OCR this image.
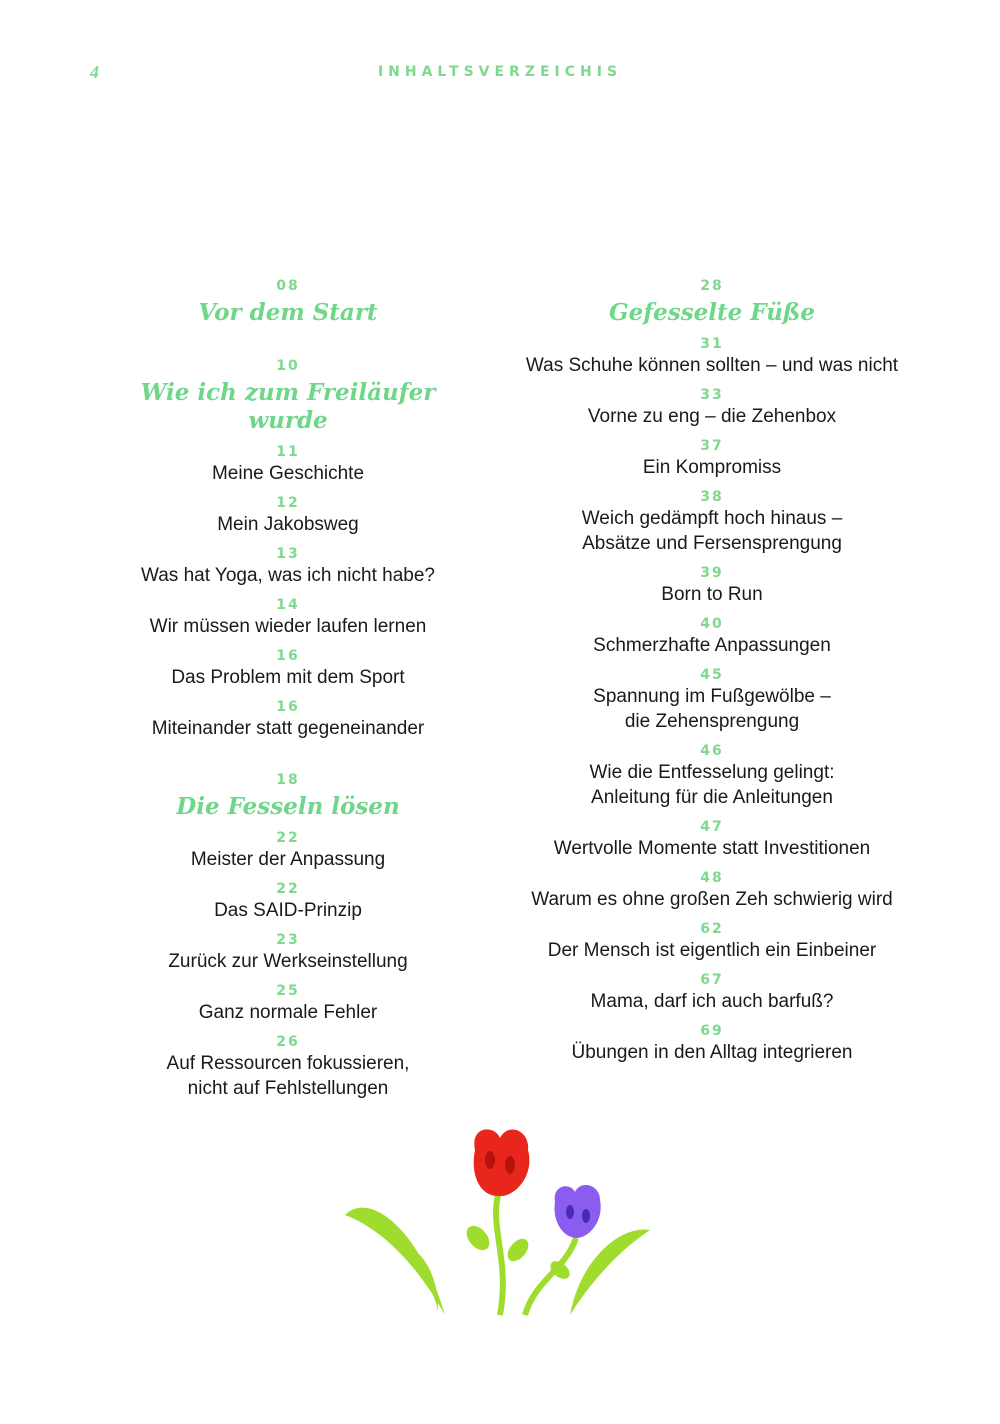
4	INHALTSVERZEICHIS
08
Vor dem Start
10
Wie ich zum Freiläufer wurde
11
Meine Geschichte
12
Mein Jakobsweg
13
Was hat Yoga, was ich nicht habe?
14
Wir müssen wieder laufen lernen
16
Das Problem mit dem Sport
16
Miteinander statt gegeneinander
18
Die Fesseln lösen
22
Meister der Anpassung
22
Das SAID-Prinzip
23
Zurück zur Werkseinstellung
25
Ganz normale Fehler
26
Auf Ressourcen fokussieren,
nicht auf Fehlstellungen
28
Gefesselte Füße
31
Was Schuhe können sollten – und was nicht
33
Vorne zu eng – die Zehenbox
37
Ein Kompromiss
38
Weich gedämpft hoch hinaus –
Absätze und Fersensprengung
39
Born to Run
40
Schmerzhafte Anpassungen
45
Spannung im Fußgewölbe –
die Zehensprengung
46
Wie die Entfesselung gelingt:
Anleitung für die Anleitungen
47
Wertvolle Momente statt Investitionen
48
Warum es ohne großen Zeh schwierig wird
62
Der Mensch ist eigentlich ein Einbeiner
67
Mama, darf ich auch barfuß?
69
Übungen in den Alltag integrieren
